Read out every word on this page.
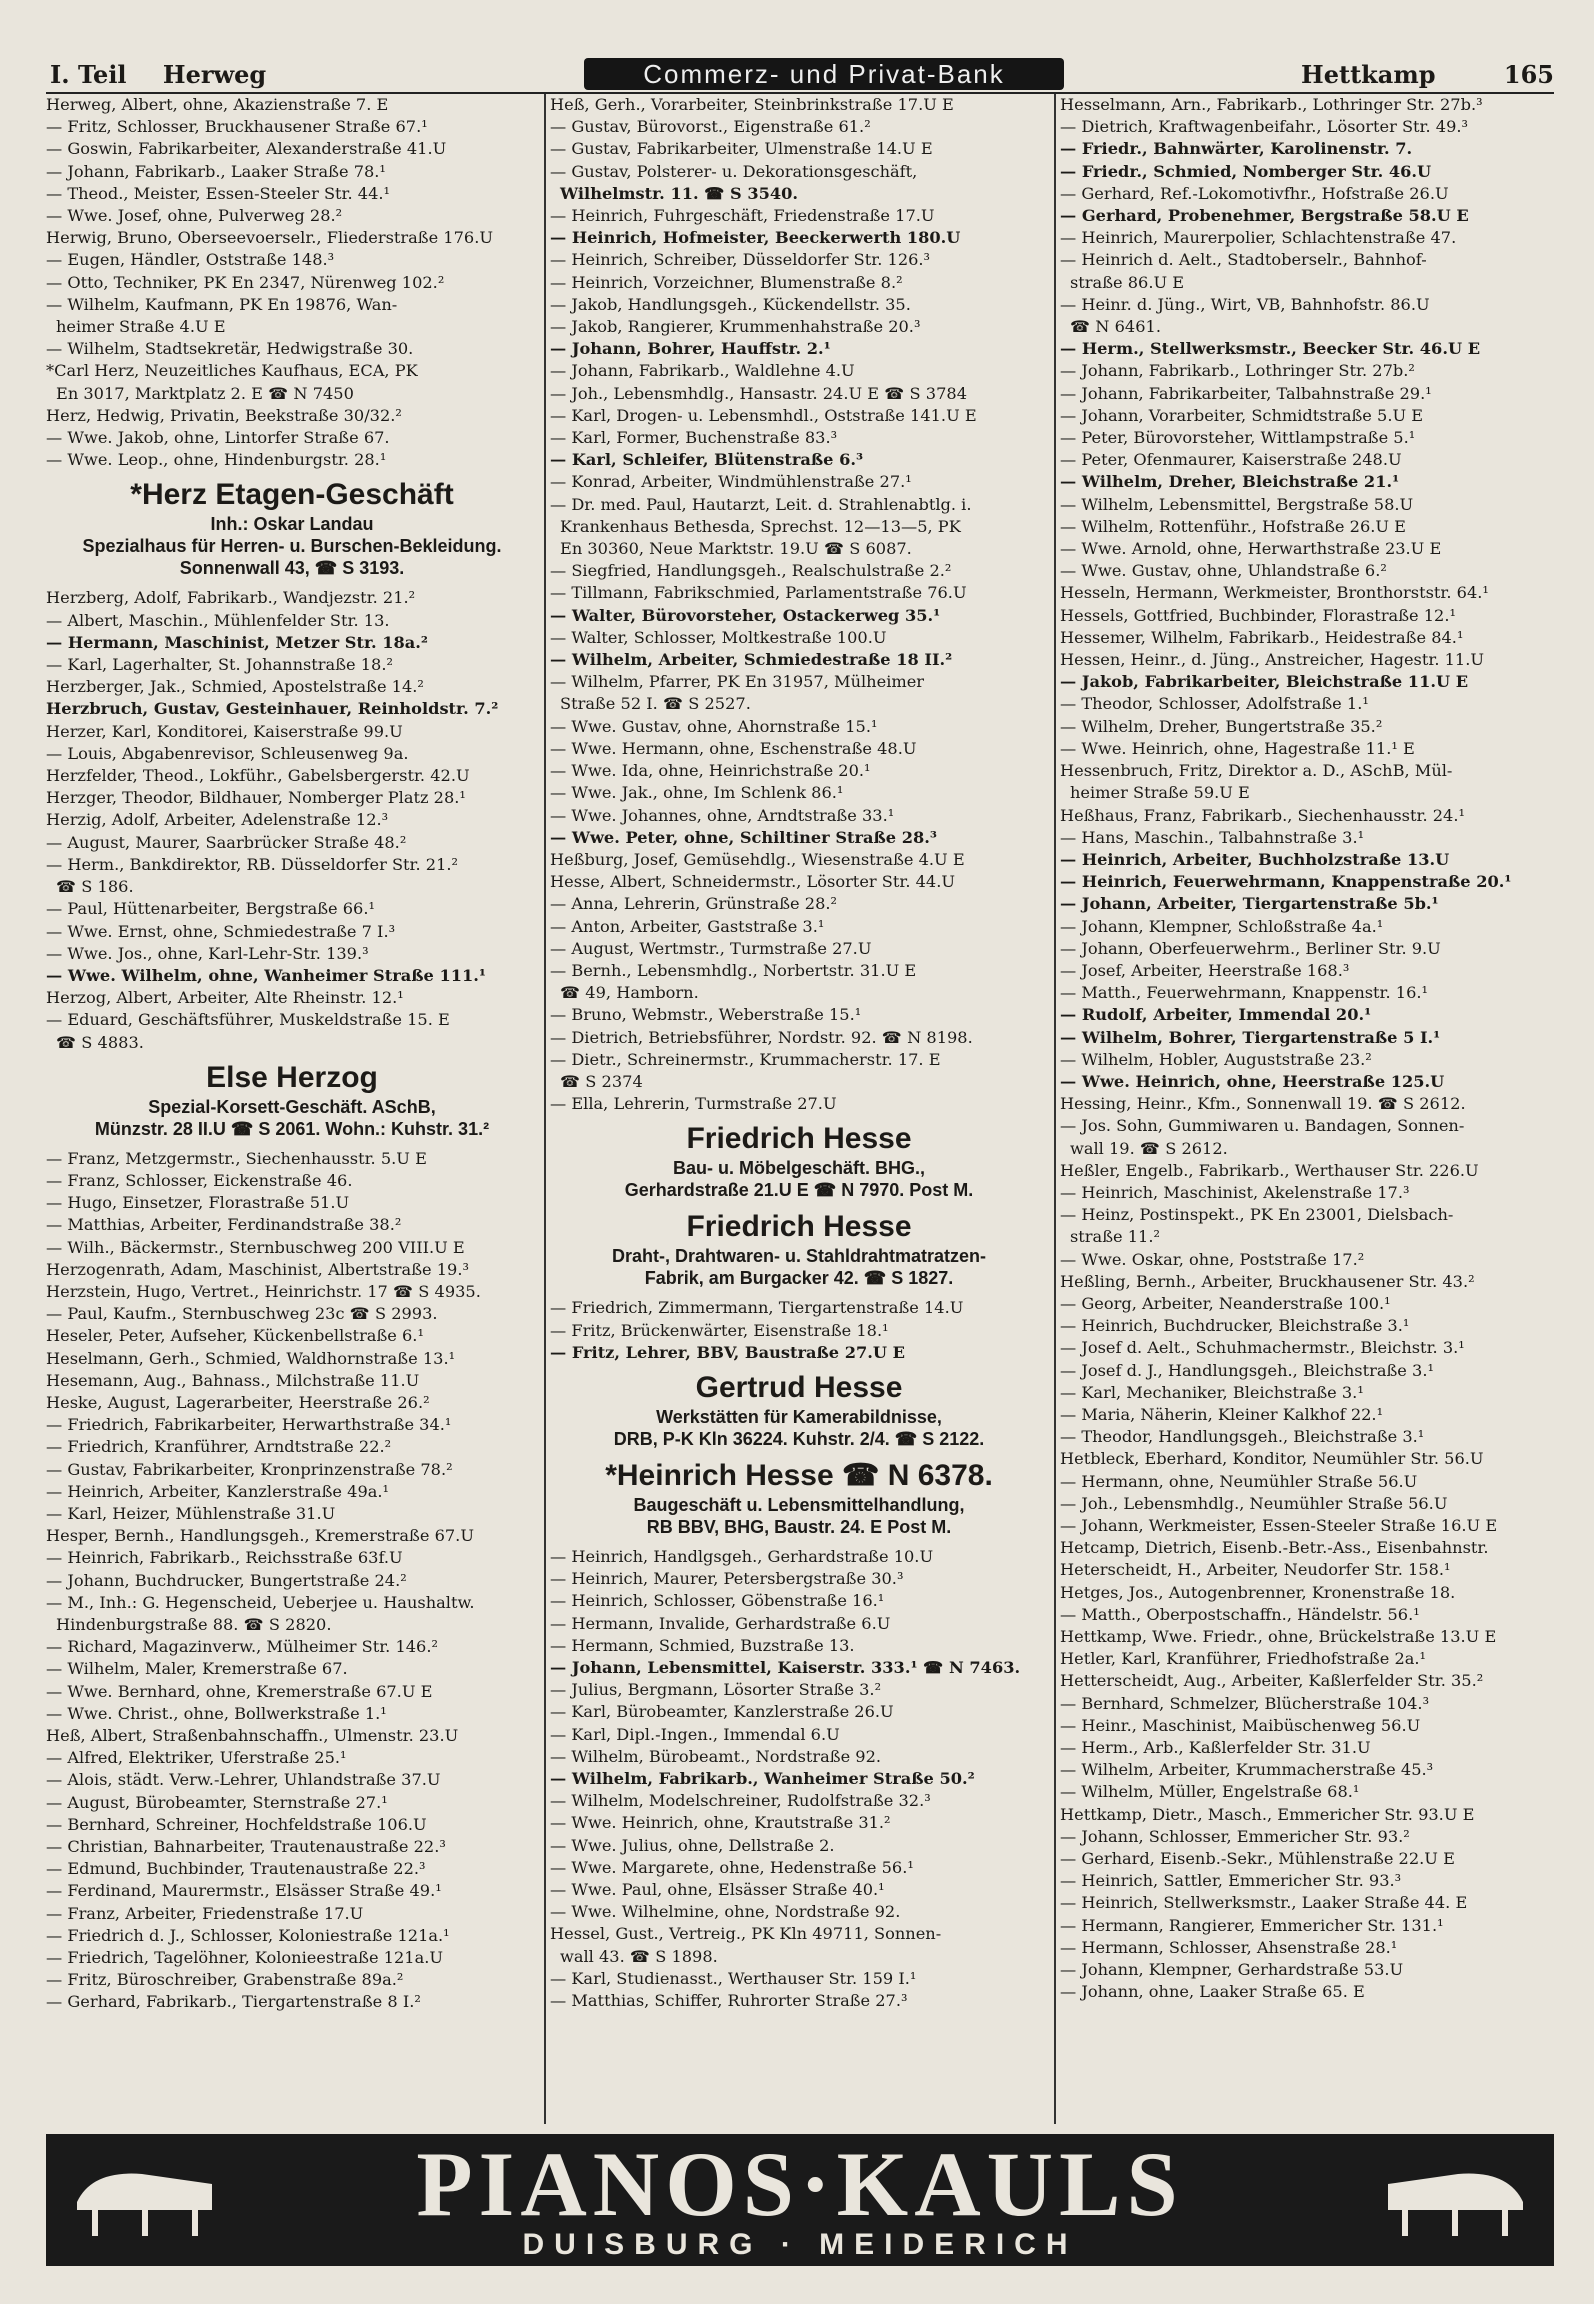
I. Teil Herweg	Commerz- und Privat-Bank	Hettkamp	165
Herweg, Albert, ohne, Akazienstraße 7. E
— Fritz, Schlosser, Bruckhausener Straße 67.¹
— Goswin, Fabrikarbeiter, Alexanderstraße 41.U
— Johann, Fabrikarb., Laaker Straße 78.¹
— Theod., Meister, Essen-Steeler Str. 44.¹
— Wwe. Josef, ohne, Pulverweg 28.²
Herwig, Bruno, Oberseevoerselr., Fliederstraße 176.U
— Eugen, Händler, Oststraße 148.³
— Otto, Techniker, PK En 2347, Nürenweg 102.²
— Wilhelm, Kaufmann, PK En 19876, Wan-
heimer Straße 4.U E
— Wilhelm, Stadtsekretär, Hedwigstraße 30.
*Carl Herz, Neuzeitliches Kaufhaus, ECA, PK
En 3017, Marktplatz 2. E ☎ N 7450
Herz, Hedwig, Privatin, Beekstraße 30/32.²
— Wwe. Jakob, ohne, Lintorfer Straße 67.
— Wwe. Leop., ohne, Hindenburgstr. 28.¹
*Herz Etagen-Geschäft
Inh.: Oskar Landau
Spezialhaus für Herren- u. Burschen-Bekleidung.
Sonnenwall 43, ☎ S 3193.
Herzberg, Adolf, Fabrikarb., Wandjezstr. 21.²
— Albert, Maschin., Mühlenfelder Str. 13.
— Hermann, Maschinist, Metzer Str. 18a.²
— Karl, Lagerhalter, St. Johannstraße 18.²
Herzberger, Jak., Schmied, Apostelstraße 14.²
Herzbruch, Gustav, Gesteinhauer, Reinholdstr. 7.²
Herzer, Karl, Konditorei, Kaiserstraße 99.U
— Louis, Abgabenrevisor, Schleusenweg 9a.
Herzfelder, Theod., Lokführ., Gabelsbergerstr. 42.U
Herzger, Theodor, Bildhauer, Nomberger Platz 28.¹
Herzig, Adolf, Arbeiter, Adelenstraße 12.³
— August, Maurer, Saarbrücker Straße 48.²
— Herm., Bankdirektor, RB. Düsseldorfer Str. 21.²
☎ S 186.
— Paul, Hüttenarbeiter, Bergstraße 66.¹
— Wwe. Ernst, ohne, Schmiedestraße 7 I.³
— Wwe. Jos., ohne, Karl-Lehr-Str. 139.³
— Wwe. Wilhelm, ohne, Wanheimer Straße 111.¹
Herzog, Albert, Arbeiter, Alte Rheinstr. 12.¹
— Eduard, Geschäftsführer, Muskeldstraße 15. E
☎ S 4883.
Else Herzog
Spezial-Korsett-Geschäft. ASchB,
Münzstr. 28 II.U ☎ S 2061. Wohn.: Kuhstr. 31.²
— Franz, Metzgermstr., Siechenhausstr. 5.U E
— Franz, Schlosser, Eickenstraße 46.
— Hugo, Einsetzer, Florastraße 51.U
— Matthias, Arbeiter, Ferdinandstraße 38.²
— Wilh., Bäckermstr., Sternbuschweg 200 VIII.U E
Herzogenrath, Adam, Maschinist, Albertstraße 19.³
Herzstein, Hugo, Vertret., Heinrichstr. 17 ☎ S 4935.
— Paul, Kaufm., Sternbuschweg 23c ☎ S 2993.
Heseler, Peter, Aufseher, Kückenbellstraße 6.¹
Heselmann, Gerh., Schmied, Waldhornstraße 13.¹
Hesemann, Aug., Bahnass., Milchstraße 11.U
Heske, August, Lagerarbeiter, Heerstraße 26.²
— Friedrich, Fabrikarbeiter, Herwarthstraße 34.¹
— Friedrich, Kranführer, Arndtstraße 22.²
— Gustav, Fabrikarbeiter, Kronprinzenstraße 78.²
— Heinrich, Arbeiter, Kanzlerstraße 49a.¹
— Karl, Heizer, Mühlenstraße 31.U
Hesper, Bernh., Handlungsgeh., Kremerstraße 67.U
— Heinrich, Fabrikarb., Reichsstraße 63f.U
— Johann, Buchdrucker, Bungertstraße 24.²
— M., Inh.: G. Hegenscheid, Ueberjee u. Haushaltw.
Hindenburgstraße 88. ☎ S 2820.
— Richard, Magazinverw., Mülheimer Str. 146.²
— Wilhelm, Maler, Kremerstraße 67.
— Wwe. Bernhard, ohne, Kremerstraße 67.U E
— Wwe. Christ., ohne, Bollwerkstraße 1.¹
Heß, Albert, Straßenbahnschaffn., Ulmenstr. 23.U
— Alfred, Elektriker, Uferstraße 25.¹
— Alois, städt. Verw.-Lehrer, Uhlandstraße 37.U
— August, Bürobeamter, Sternstraße 27.¹
— Bernhard, Schreiner, Hochfeldstraße 106.U
— Christian, Bahnarbeiter, Trautenaustraße 22.³
— Edmund, Buchbinder, Trautenaustraße 22.³
— Ferdinand, Maurermstr., Elsässer Straße 49.¹
— Franz, Arbeiter, Friedenstraße 17.U
— Friedrich d. J., Schlosser, Koloniestraße 121a.¹
— Friedrich, Tagelöhner, Kolonieestraße 121a.U
— Fritz, Büroschreiber, Grabenstraße 89a.²
— Gerhard, Fabrikarb., Tiergartenstraße 8 I.²
Heß, Gerh., Vorarbeiter, Steinbrinkstraße 17.U E
— Gustav, Bürovorst., Eigenstraße 61.²
— Gustav, Fabrikarbeiter, Ulmenstraße 14.U E
— Gustav, Polsterer- u. Dekorationsgeschäft,
Wilhelmstr. 11. ☎ S 3540.
— Heinrich, Fuhrgeschäft, Friedenstraße 17.U
— Heinrich, Hofmeister, Beeckerwerth 180.U
— Heinrich, Schreiber, Düsseldorfer Str. 126.³
— Heinrich, Vorzeichner, Blumenstraße 8.²
— Jakob, Handlungsgeh., Kückendellstr. 35.
— Jakob, Rangierer, Krummenhahstraße 20.³
— Johann, Bohrer, Hauffstr. 2.¹
— Johann, Fabrikarb., Waldlehne 4.U
— Joh., Lebensmhdlg., Hansastr. 24.U E ☎ S 3784
— Karl, Drogen- u. Lebensmhdl., Oststraße 141.U E
— Karl, Former, Buchenstraße 83.³
— Karl, Schleifer, Blütenstraße 6.³
— Konrad, Arbeiter, Windmühlenstraße 27.¹
— Dr. med. Paul, Hautarzt, Leit. d. Strahlenabtlg. i.
Krankenhaus Bethesda, Sprechst. 12—13—5, PK
En 30360, Neue Marktstr. 19.U ☎ S 6087.
— Siegfried, Handlungsgeh., Realschulstraße 2.²
— Tillmann, Fabrikschmied, Parlamentstraße 76.U
— Walter, Bürovorsteher, Ostackerweg 35.¹
— Walter, Schlosser, Moltkestraße 100.U
— Wilhelm, Arbeiter, Schmiedestraße 18 II.²
— Wilhelm, Pfarrer, PK En 31957, Mülheimer
Straße 52 I. ☎ S 2527.
— Wwe. Gustav, ohne, Ahornstraße 15.¹
— Wwe. Hermann, ohne, Eschenstraße 48.U
— Wwe. Ida, ohne, Heinrichstraße 20.¹
— Wwe. Jak., ohne, Im Schlenk 86.¹
— Wwe. Johannes, ohne, Arndtstraße 33.¹
— Wwe. Peter, ohne, Schiltiner Straße 28.³
Heßburg, Josef, Gemüsehdlg., Wiesenstraße 4.U E
Hesse, Albert, Schneidermstr., Lösorter Str. 44.U
— Anna, Lehrerin, Grünstraße 28.²
— Anton, Arbeiter, Gaststraße 3.¹
— August, Wertmstr., Turmstraße 27.U
— Bernh., Lebensmhdlg., Norbertstr. 31.U E
☎ 49, Hamborn.
— Bruno, Webmstr., Weberstraße 15.¹
— Dietrich, Betriebsführer, Nordstr. 92. ☎ N 8198.
— Dietr., Schreinermstr., Krummacherstr. 17. E
☎ S 2374
— Ella, Lehrerin, Turmstraße 27.U
Friedrich Hesse
Bau- u. Möbelgeschäft. BHG.,
Gerhardstraße 21.U E ☎ N 7970. Post M.
Friedrich Hesse
Draht-, Drahtwaren- u. Stahldrahtmatratzen-
Fabrik, am Burgacker 42. ☎ S 1827.
— Friedrich, Zimmermann, Tiergartenstraße 14.U
— Fritz, Brückenwärter, Eisenstraße 18.¹
— Fritz, Lehrer, BBV, Baustraße 27.U E
Gertrud Hesse
Werkstätten für Kamerabildnisse,
DRB, P-K Kln 36224. Kuhstr. 2/4. ☎ S 2122.
*Heinrich Hesse ☎ N 6378.
Baugeschäft u. Lebensmittelhandlung,
RB BBV, BHG, Baustr. 24. E Post M.
— Heinrich, Handlgsgeh., Gerhardstraße 10.U
— Heinrich, Maurer, Petersbergstraße 30.³
— Heinrich, Schlosser, Göbenstraße 16.¹
— Hermann, Invalide, Gerhardstraße 6.U
— Hermann, Schmied, Buzstraße 13.
— Johann, Lebensmittel, Kaiserstr. 333.¹ ☎ N 7463.
— Julius, Bergmann, Lösorter Straße 3.²
— Karl, Bürobeamter, Kanzlerstraße 26.U
— Karl, Dipl.-Ingen., Immendal 6.U
— Wilhelm, Bürobeamt., Nordstraße 92.
— Wilhelm, Fabrikarb., Wanheimer Straße 50.²
— Wilhelm, Modelschreiner, Rudolfstraße 32.³
— Wwe. Heinrich, ohne, Krautstraße 31.²
— Wwe. Julius, ohne, Dellstraße 2.
— Wwe. Margarete, ohne, Hedenstraße 56.¹
— Wwe. Paul, ohne, Elsässer Straße 40.¹
— Wwe. Wilhelmine, ohne, Nordstraße 92.
Hessel, Gust., Vertreig., PK Kln 49711, Sonnen-
wall 43. ☎ S 1898.
— Karl, Studienasst., Werthauser Str. 159 I.¹
— Matthias, Schiffer, Ruhrorter Straße 27.³
Hesselmann, Arn., Fabrikarb., Lothringer Str. 27b.³
— Dietrich, Kraftwagenbeifahr., Lösorter Str. 49.³
— Friedr., Bahnwärter, Karolinenstr. 7.
— Friedr., Schmied, Nomberger Str. 46.U
— Gerhard, Ref.-Lokomotivfhr., Hofstraße 26.U
— Gerhard, Probenehmer, Bergstraße 58.U E
— Heinrich, Maurerpolier, Schlachtenstraße 47.
— Heinrich d. Aelt., Stadtoberselr., Bahnhof-
straße 86.U E
— Heinr. d. Jüng., Wirt, VB, Bahnhofstr. 86.U
☎ N 6461.
— Herm., Stellwerksmstr., Beecker Str. 46.U E
— Johann, Fabrikarb., Lothringer Str. 27b.²
— Johann, Fabrikarbeiter, Talbahnstraße 29.¹
— Johann, Vorarbeiter, Schmidtstraße 5.U E
— Peter, Bürovorsteher, Wittlampstraße 5.¹
— Peter, Ofenmaurer, Kaiserstraße 248.U
— Wilhelm, Dreher, Bleichstraße 21.¹
— Wilhelm, Lebensmittel, Bergstraße 58.U
— Wilhelm, Rottenführ., Hofstraße 26.U E
— Wwe. Arnold, ohne, Herwarthstraße 23.U E
— Wwe. Gustav, ohne, Uhlandstraße 6.²
Hesseln, Hermann, Werkmeister, Bronthorststr. 64.¹
Hessels, Gottfried, Buchbinder, Florastraße 12.¹
Hessemer, Wilhelm, Fabrikarb., Heidestraße 84.¹
Hessen, Heinr., d. Jüng., Anstreicher, Hagestr. 11.U
— Jakob, Fabrikarbeiter, Bleichstraße 11.U E
— Theodor, Schlosser, Adolfstraße 1.¹
— Wilhelm, Dreher, Bungertstraße 35.²
— Wwe. Heinrich, ohne, Hagestraße 11.¹ E
Hessenbruch, Fritz, Direktor a. D., ASchB, Mül-
heimer Straße 59.U E
Heßhaus, Franz, Fabrikarb., Siechenhausstr. 24.¹
— Hans, Maschin., Talbahnstraße 3.¹
— Heinrich, Arbeiter, Buchholzstraße 13.U
— Heinrich, Feuerwehrmann, Knappenstraße 20.¹
— Johann, Arbeiter, Tiergartenstraße 5b.¹
— Johann, Klempner, Schloßstraße 4a.¹
— Johann, Oberfeuerwehrm., Berliner Str. 9.U
— Josef, Arbeiter, Heerstraße 168.³
— Matth., Feuerwehrmann, Knappenstr. 16.¹
— Rudolf, Arbeiter, Immendal 20.¹
— Wilhelm, Bohrer, Tiergartenstraße 5 I.¹
— Wilhelm, Hobler, Auguststraße 23.²
— Wwe. Heinrich, ohne, Heerstraße 125.U
Hessing, Heinr., Kfm., Sonnenwall 19. ☎ S 2612.
— Jos. Sohn, Gummiwaren u. Bandagen, Sonnen-
wall 19. ☎ S 2612.
Heßler, Engelb., Fabrikarb., Werthauser Str. 226.U
— Heinrich, Maschinist, Akelenstraße 17.³
— Heinz, Postinspekt., PK En 23001, Dielsbach-
straße 11.²
— Wwe. Oskar, ohne, Poststraße 17.²
Heßling, Bernh., Arbeiter, Bruckhausener Str. 43.²
— Georg, Arbeiter, Neanderstraße 100.¹
— Heinrich, Buchdrucker, Bleichstraße 3.¹
— Josef d. Aelt., Schuhmachermstr., Bleichstr. 3.¹
— Josef d. J., Handlungsgeh., Bleichstraße 3.¹
— Karl, Mechaniker, Bleichstraße 3.¹
— Maria, Näherin, Kleiner Kalkhof 22.¹
— Theodor, Handlungsgeh., Bleichstraße 3.¹
Hetbleck, Eberhard, Konditor, Neumühler Str. 56.U
— Hermann, ohne, Neumühler Straße 56.U
— Joh., Lebensmhdlg., Neumühler Straße 56.U
— Johann, Werkmeister, Essen-Steeler Straße 16.U E
Hetcamp, Dietrich, Eisenb.-Betr.-Ass., Eisenbahnstr.
Heterscheidt, H., Arbeiter, Neudorfer Str. 158.¹
Hetges, Jos., Autogenbrenner, Kronenstraße 18.
— Matth., Oberpostschaffn., Händelstr. 56.¹
Hettkamp, Wwe. Friedr., ohne, Brückelstraße 13.U E
Hetler, Karl, Kranführer, Friedhofstraße 2a.¹
Hetterscheidt, Aug., Arbeiter, Kaßlerfelder Str. 35.²
— Bernhard, Schmelzer, Blücherstraße 104.³
— Heinr., Maschinist, Maibüschenweg 56.U
— Herm., Arb., Kaßlerfelder Str. 31.U
— Wilhelm, Arbeiter, Krummacherstraße 45.³
— Wilhelm, Müller, Engelstraße 68.¹
Hettkamp, Dietr., Masch., Emmericher Str. 93.U E
— Johann, Schlosser, Emmericher Str. 93.²
— Gerhard, Eisenb.-Sekr., Mühlenstraße 22.U E
— Heinrich, Sattler, Emmericher Str. 93.³
— Heinrich, Stellwerksmstr., Laaker Straße 44. E
— Hermann, Rangierer, Emmericher Str. 131.¹
— Hermann, Schlosser, Ahsenstraße 28.¹
— Johann, Klempner, Gerhardstraße 53.U
— Johann, ohne, Laaker Straße 65. E
PIANOS·KAULS
DUISBURG · MEIDERICH
